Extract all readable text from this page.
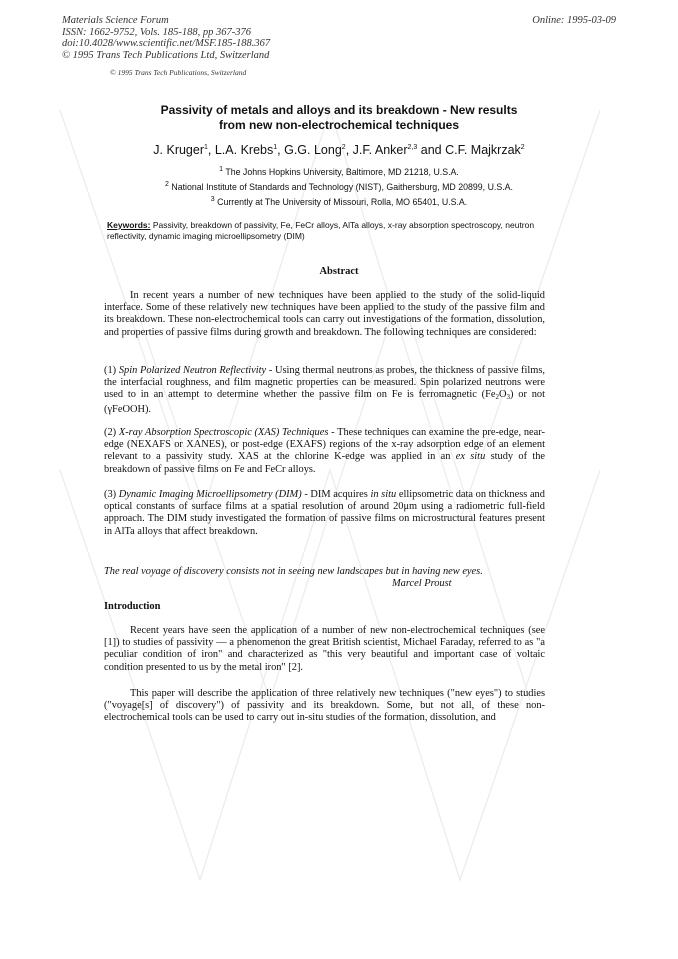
Materials Science Forum
ISSN: 1662-9752, Vols. 185-188, pp 367-376
doi:10.4028/www.scientific.net/MSF.185-188.367
© 1995 Trans Tech Publications Ltd, Switzerland
Online: 1995-03-09
© 1995 Trans Tech Publications, Switzerland
Passivity of metals and alloys and its breakdown - New results
from new non-electrochemical techniques
J. Kruger$^1$, L.A. Krebs$^1$, G.G. Long$^2$, J.F. Anker$^{2,3}$ and C.F. Majkrzak$^2$
$^1$ The Johns Hopkins University, Baltimore, MD 21218, U.S.A.
$^2$ National Institute of Standards and Technology (NIST), Gaithersburg, MD 20899, U.S.A.
$^3$ Currently at The University of Missouri, Rolla, MO 65401, U.S.A.
Keywords: Passivity, breakdown of passivity, Fe, FeCr alloys, AlTa alloys, x-ray absorption spectroscopy, neutron reflectivity, dynamic imaging microellipsometry (DIM)
Abstract
In recent years a number of new techniques have been applied to the study of the solid-liquid interface. Some of these relatively new techniques have been applied to the study of the passive film and its breakdown. These non-electrochemical tools can carry out investigations of the formation, dissolution, and properties of passive films during growth and breakdown. The following techniques are considered:
(1) Spin Polarized Neutron Reflectivity - Using thermal neutrons as probes, the thickness of passive films, the interfacial roughness, and film magnetic properties can be measured. Spin polarized neutrons were used to in an attempt to determine whether the passive film on Fe is ferromagnetic $(Fe_2O_3)$ or not (γFeOOH).
(2) X-ray Absorption Spectroscopic (XAS) Techniques - These techniques can examine the pre-edge, near-edge (NEXAFS or XANES), or post-edge (EXAFS) regions of the x-ray adsorption edge of an element relevant to a passivity study. XAS at the chlorine K-edge was applied in an ex situ study of the breakdown of passive films on Fe and FeCr alloys.
(3) Dynamic Imaging Microellipsometry (DIM) - DIM acquires in situ ellipsometric data on thickness and optical constants of surface films at a spatial resolution of around 20μm using a radiometric full-field approach. The DIM study investigated the formation of passive films on microstructural features present in AlTa alloys that affect breakdown.
The real voyage of discovery consists not in seeing new landscapes but in having new eyes.
Marcel Proust
Introduction
Recent years have seen the application of a number of new non-electrochemical techniques (see [1]) to studies of passivity — a phenomenon the great British scientist, Michael Faraday, referred to as "a peculiar condition of iron" and characterized as "this very beautiful and important case of voltaic condition presented to us by the metal iron" [2].
This paper will describe the application of three relatively new techniques ("new eyes") to studies ("voyage[s] of discovery") of passivity and its breakdown. Some, but not all, of these non-electrochemical tools can be used to carry out in-situ studies of the formation, dissolution, and
